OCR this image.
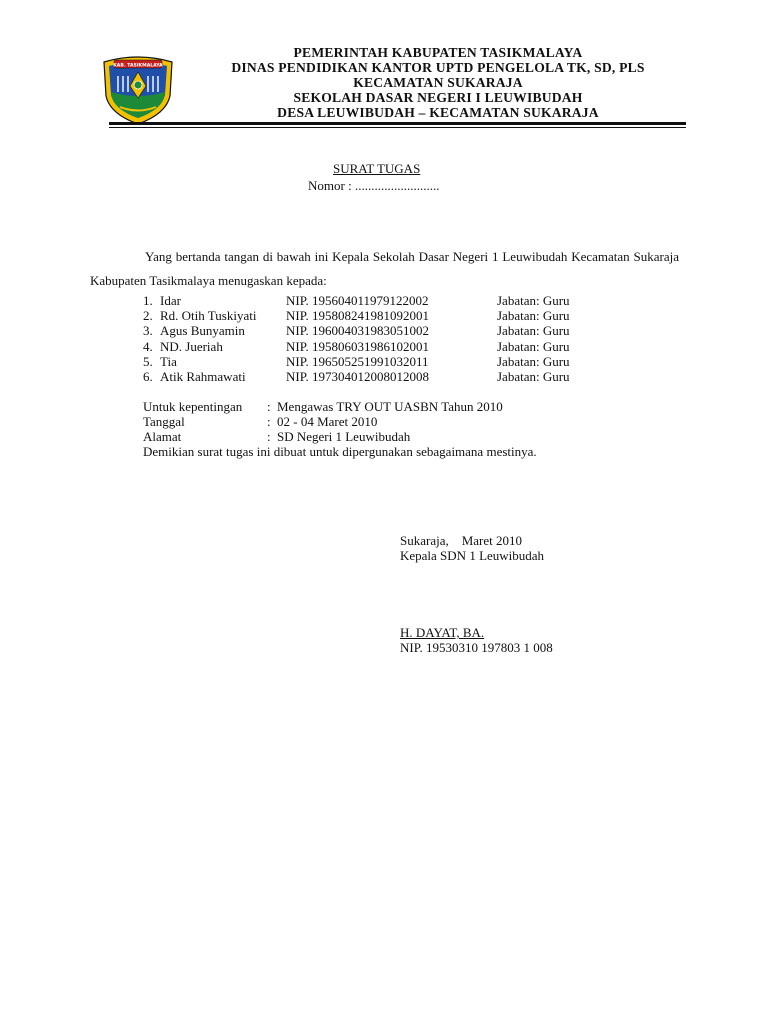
KAB. TASIKMALAYA
PEMERINTAH KABUPATEN TASIKMALAYA
DINAS PENDIDIKAN KANTOR UPTD PENGELOLA TK, SD, PLS
KECAMATAN SUKARAJA
SEKOLAH DASAR NEGERI I LEUWIBUDAH
DESA LEUWIBUDAH – KECAMATAN SUKARAJA
SURAT TUGAS
Nomor : ..........................
Yang bertanda tangan di bawah ini Kepala Sekolah Dasar Negeri 1 Leuwibudah Kecamatan Sukaraja Kabupaten Tasikmalaya menugaskan kepada:
1. Idar	NIP. 195604011979122002	Jabatan: Guru
2. Rd. Otih Tuskiyati NIP. 195808241981092001	Jabatan: Guru
3. Agus Bunyamin	NIP. 196004031983051002	Jabatan: Guru
4. ND. Jueriah	NIP. 195806031986102001	Jabatan: Guru
5. Tia	NIP. 196505251991032011	Jabatan: Guru
6. Atik Rahmawati	NIP. 197304012008012008	Jabatan: Guru
Untuk kepentingan : Mengawas TRY OUT UASBN Tahun 2010
Tanggal	: 02 - 04 Maret 2010
Alamat	: SD Negeri 1 Leuwibudah
Demikian surat tugas ini dibuat untuk dipergunakan sebagaimana mestinya.
Sukaraja,    Maret 2010
Kepala SDN 1 Leuwibudah
H. DAYAT, BA.
NIP. 19530310 197803 1 008
